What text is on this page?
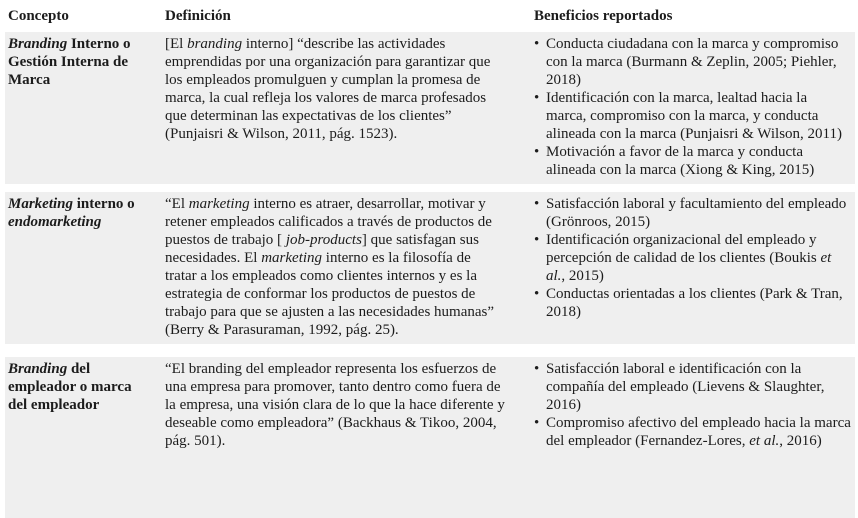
Concepto	Definición	Beneficios reportados
Branding Interno o Gestión Interna de Marca
[El branding interno] “describe las actividades emprendidas por una organización para garantizar que los empleados promulguen y cumplan la promesa de marca, la cual refleja los valores de marca profesados que determinan las expectativas de los clientes” (Punjaisri & Wilson, 2011, pág. 1523).
• Conducta ciudadana con la marca y compromiso con la marca (Burmann & Zeplin, 2005; Piehler, 2018)
• Identificación con la marca, lealtad hacia la marca, compromiso con la marca, y conducta alineada con la marca (Punjaisri & Wilson, 2011)
• Motivación a favor de la marca y conducta alineada con la marca (Xiong & King, 2015)
Marketing interno o endomarketing
“El marketing interno es atraer, desarrollar, motivar y retener empleados calificados a través de productos de puestos de trabajo [ job-products] que satisfagan sus necesidades. El marketing interno es la filosofía de tratar a los empleados como clientes internos y es la estrategia de conformar los productos de puestos de trabajo para que se ajusten a las necesidades humanas” (Berry & Parasuraman, 1992, pág. 25).
• Satisfacción laboral y facultamiento del empleado (Grönroos, 2015)
• Identificación organizacional del empleado y percepción de calidad de los clientes (Boukis et al., 2015)
• Conductas orientadas a los clientes (Park & Tran, 2018)
Branding del empleador o marca del empleador
“El branding del empleador representa los esfuerzos de una empresa para promover, tanto dentro como fuera de la empresa, una visión clara de lo que la hace diferente y deseable como empleadora” (Backhaus & Tikoo, 2004, pág. 501).
• Satisfacción laboral e identificación con la compañía del empleado (Lievens & Slaughter, 2016)
• Compromiso afectivo del empleado hacia la marca del empleador (Fernandez-Lores, et al., 2016)
